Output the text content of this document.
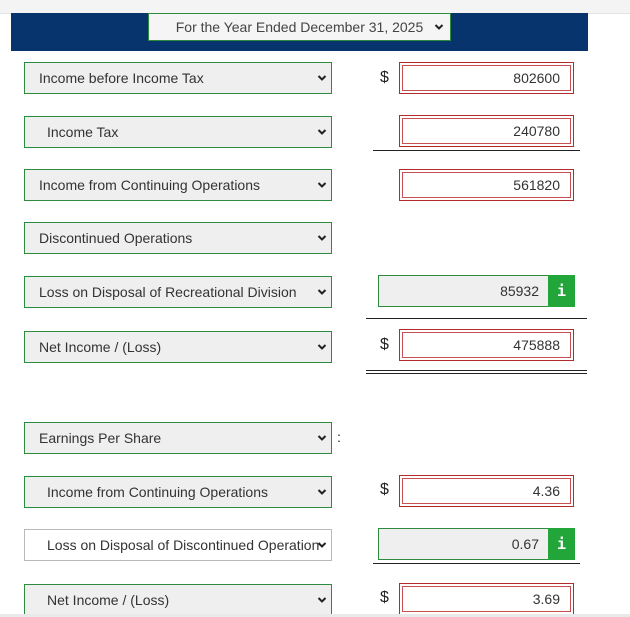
For the Year Ended December 31, 2025
Income before Income Tax	$	802600
Income Tax	240780
Income from Continuing Operations	561820
Discontinued Operations
Loss on Disposal of Recreational Division	85932	i
Net Income / (Loss)	$	475888
Earnings Per Share	:
Income from Continuing Operations	$	4.36
Loss on Disposal of Discontinued Operation	0.67	i
Net Income / (Loss)	$	3.69
